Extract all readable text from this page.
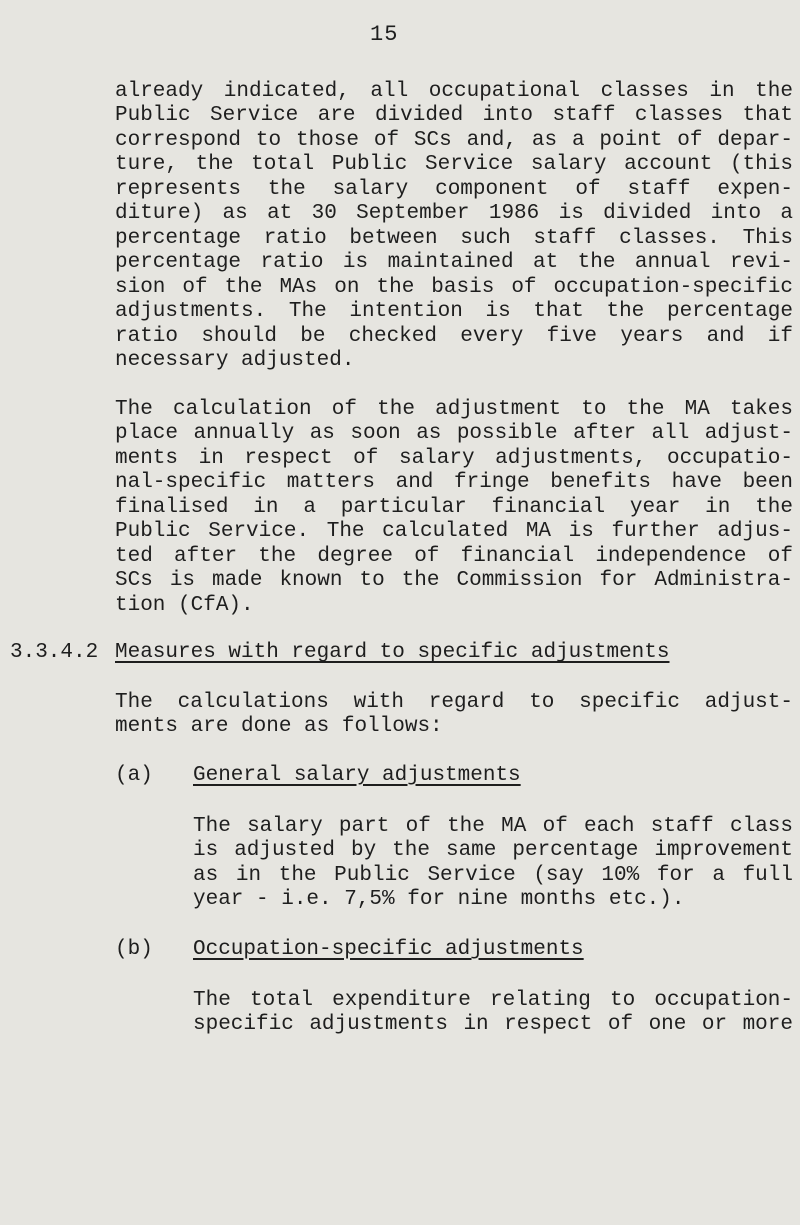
15
already indicated, all occupational classes in the
Public Service are divided into staff classes that
correspond to those of SCs and, as a point of depar-
ture, the total Public Service salary account (this
represents the salary component of staff expen-
diture) as at 30 September 1986 is divided into a
percentage ratio between such staff classes. This
percentage ratio is maintained at the annual revi-
sion of the MAs on the basis of occupation-specific
adjustments. The intention is that the percentage
ratio should be checked every five years and if
necessary adjusted.
The calculation of the adjustment to the MA takes
place annually as soon as possible after all adjust-
ments in respect of salary adjustments, occupatio-
nal-specific matters and fringe benefits have been
finalised in a particular financial year in the
Public Service. The calculated MA is further adjus-
ted after the degree of financial independence of
SCs is made known to the Commission for Administra-
tion (CfA).
3.3.4.2 Measures with regard to specific adjustments
The calculations with regard to specific adjust-
ments are done as follows:
(a) General salary adjustments
The salary part of the MA of each staff class
is adjusted by the same percentage improvement
as in the Public Service (say 10% for a full
year - i.e. 7,5% for nine months etc.).
(b) Occupation-specific adjustments
The total expenditure relating to occupation-
specific adjustments in respect of one or more
